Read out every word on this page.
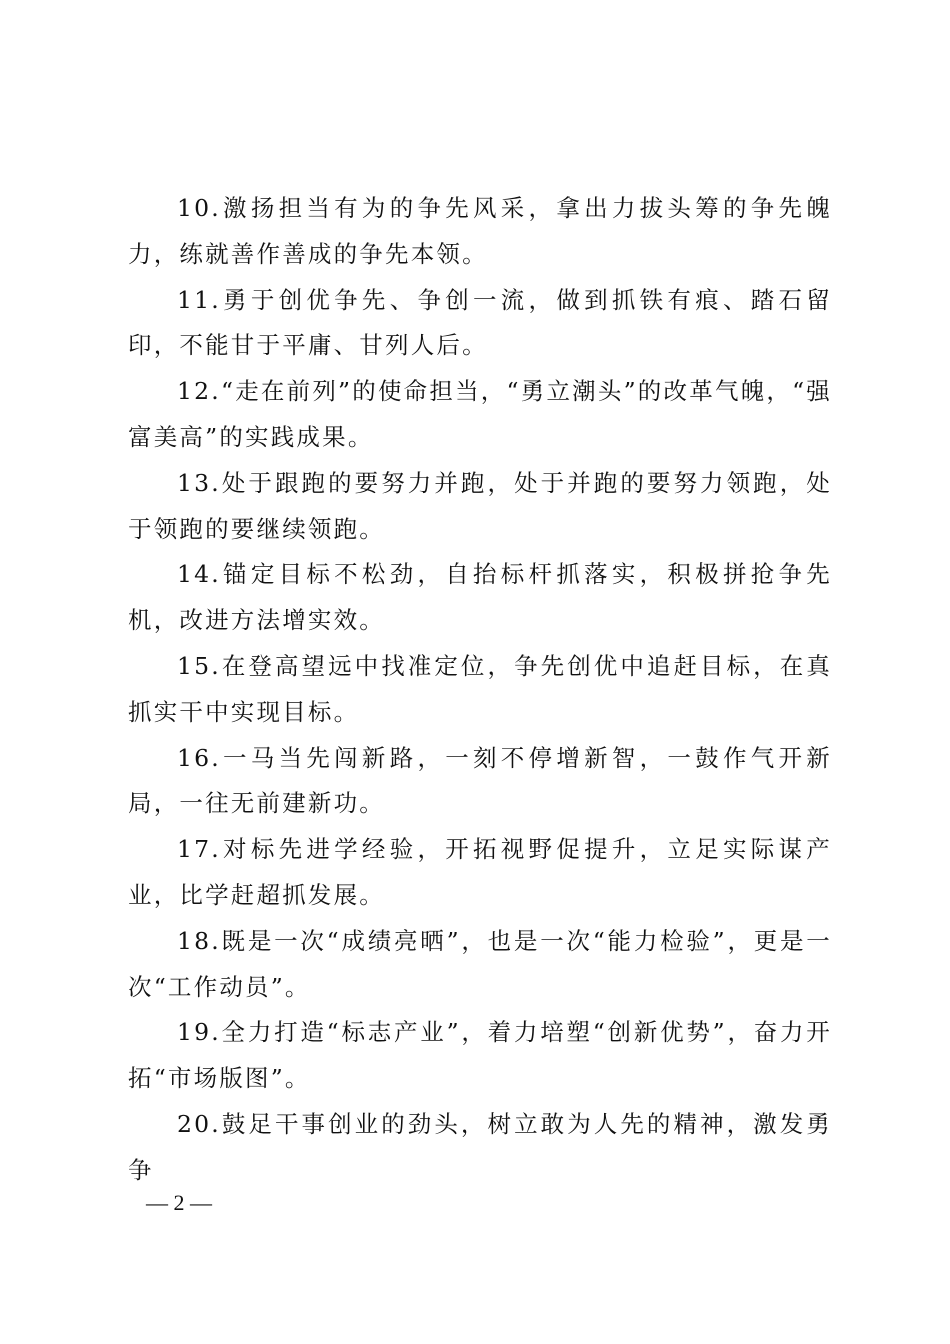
10.激扬担当有为的争先风采，拿出力拔头筹的争先魄力，练就善作善成的争先本领。

11.勇于创优争先、争创一流，做到抓铁有痕、踏石留印，不能甘于平庸、甘列人后。

12.“走在前列”的使命担当，“勇立潮头”的改革气魄，“强富美高”的实践成果。

13.处于跟跑的要努力并跑，处于并跑的要努力领跑，处于领跑的要继续领跑。

14.锚定目标不松劲，自抬标杆抓落实，积极拼抢争先机，改进方法增实效。

15.在登高望远中找准定位，争先创优中追赶目标，在真抓实干中实现目标。

16.一马当先闯新路，一刻不停增新智，一鼓作气开新局，一往无前建新功。

17.对标先进学经验，开拓视野促提升，立足实际谋产业，比学赶超抓发展。

18.既是一次“成绩亮晒”，也是一次“能力检验”，更是一次“工作动员”。

19.全力打造“标志产业”，着力培塑“创新优势”，奋力开拓“市场版图”。

20.鼓足干事创业的劲头，树立敢为人先的精神，激发勇争

— 2 —
